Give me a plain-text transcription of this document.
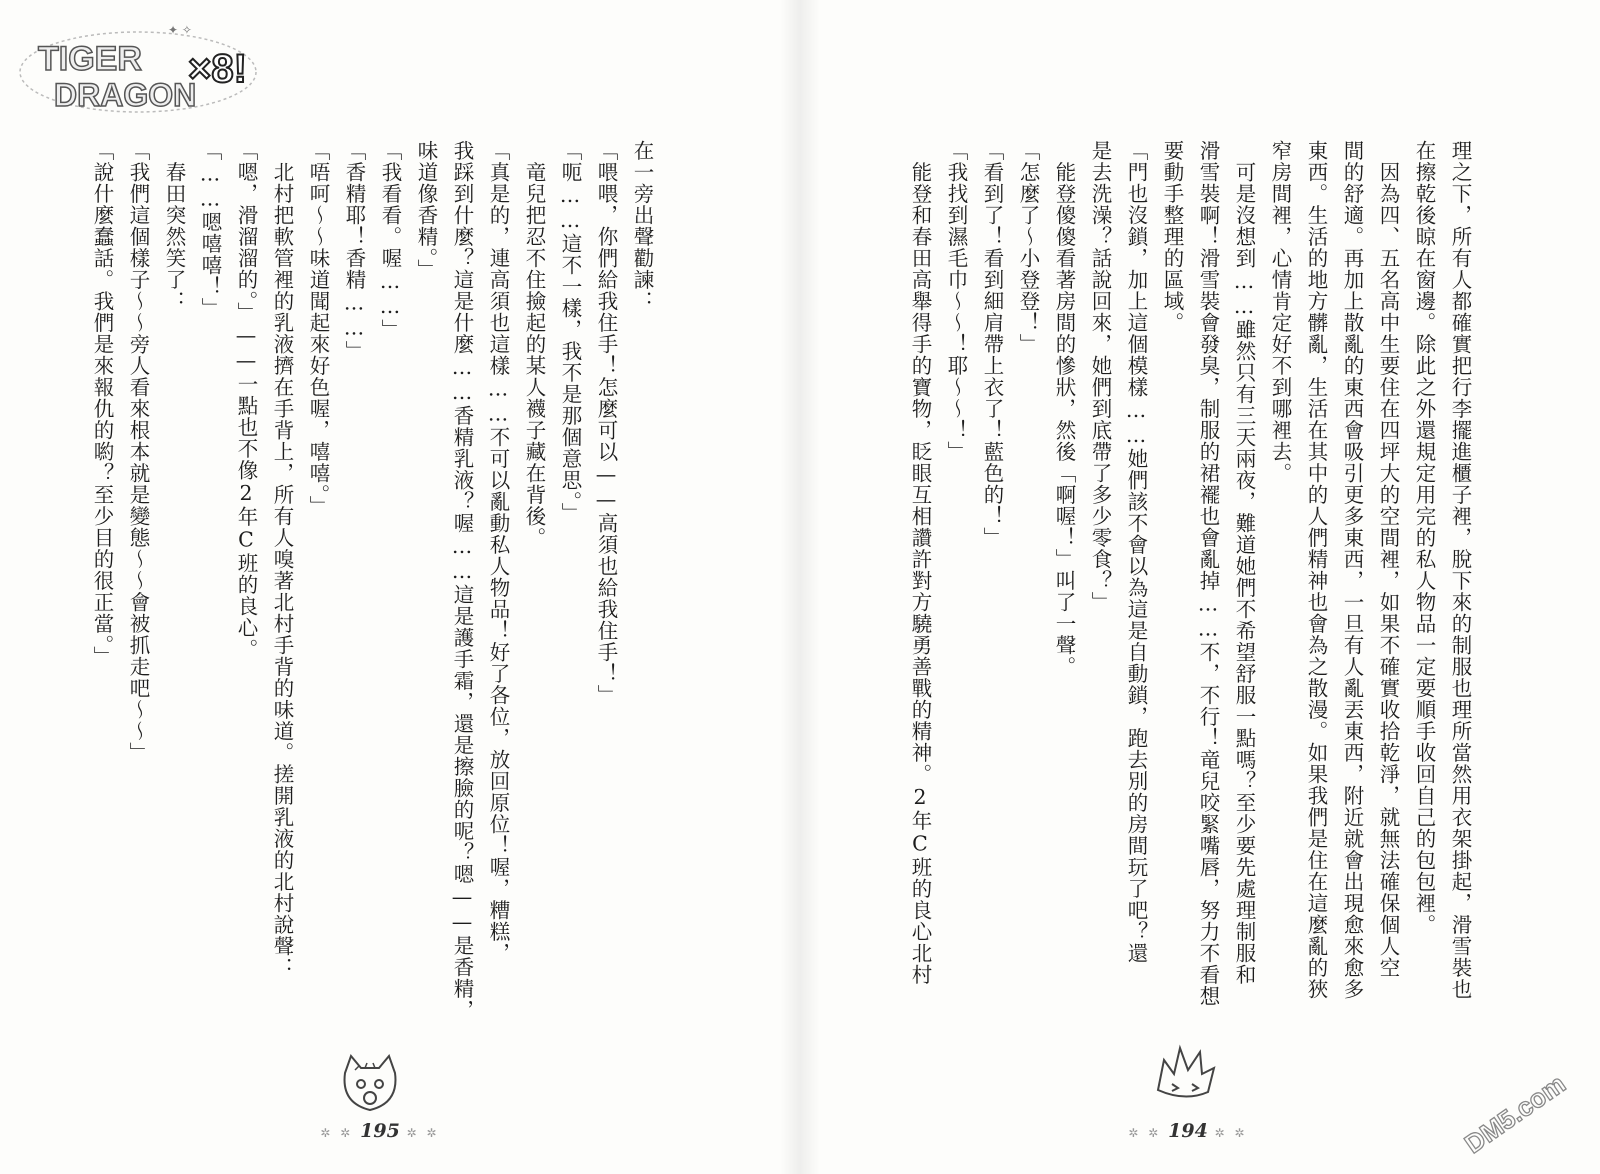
TIGER
DRAGON
×8!
✦ ✧

理之下，所有人都確實把行李擺進櫃子裡，脫下來的制服也理所當然用衣架掛起，滑雪裝也

在擦乾後晾在窗邊。除此之外還規定用完的私人物品一定要順手收回自己的包包裡。

　因為四、五名高中生要住在四坪大的空間裡，如果不確實收拾乾淨，就無法確保個人空

間的舒適。再加上散亂的東西會吸引更多東西，一旦有人亂丟東西，附近就會出現愈來愈多

東西。生活的地方髒亂，生活在其中的人們精神也會為之散漫。如果我們是住在這麼亂的狹

窄房間裡，心情肯定好不到哪裡去。

　可是沒想到……雖然只有三天兩夜，難道她們不希望舒服一點嗎？至少要先處理制服和

滑雪裝啊！滑雪裝會發臭，制服的裙襬也會亂掉……不，不行！竜兒咬緊嘴唇，努力不看想

要動手整理的區域。

「門也沒鎖，加上這個模樣……她們該不會以為這是自動鎖，跑去別的房間玩了吧？還

是去洗澡？話說回來，她們到底帶了多少零食？」

　能登傻傻看著房間的慘狀，然後「啊喔！」叫了一聲。

「怎麼了～小登登！」

「看到了！看到細肩帶上衣了！藍色的！」

「我找到濕毛巾～～！耶～～！」

　能登和春田高舉得手的寶物，眨眼互相讚許對方驍勇善戰的精神。2年C班的良心北村

在一旁出聲勸諫：

「喂喂，你們給我住手！怎麼可以——高須也給我住手！」

「呃……這不一樣，我不是那個意思。」

　竜兒把忍不住撿起的某人襪子藏在背後。

「真是的，連高須也這樣……不可以亂動私人物品！好了各位，放回原位！喔，糟糕，

我踩到什麼？這是什麼……香精乳液？喔……這是護手霜，還是擦臉的呢？嗯——是香精，

味道像香精。」

「我看看。喔……」

「香精耶！香精……」

「唔呵～～味道聞起來好色喔，嘻嘻。」

　北村把軟管裡的乳液擠在手背上，所有人嗅著北村手背的味道。搓開乳液的北村說聲：

「嗯，滑溜溜的。」——一點也不像2年C班的良心。

「……嗯嘻嘻！」

　春田突然笑了：

「我們這個樣子～～旁人看來根本就是變態～～會被抓走吧～～」

「說什麼蠢話。我們是來報仇的喲？至少目的很正當。」

✲ ✲ 195 ✲ ✲	✲ ✲ 194 ✲ ✲	DM5.com
